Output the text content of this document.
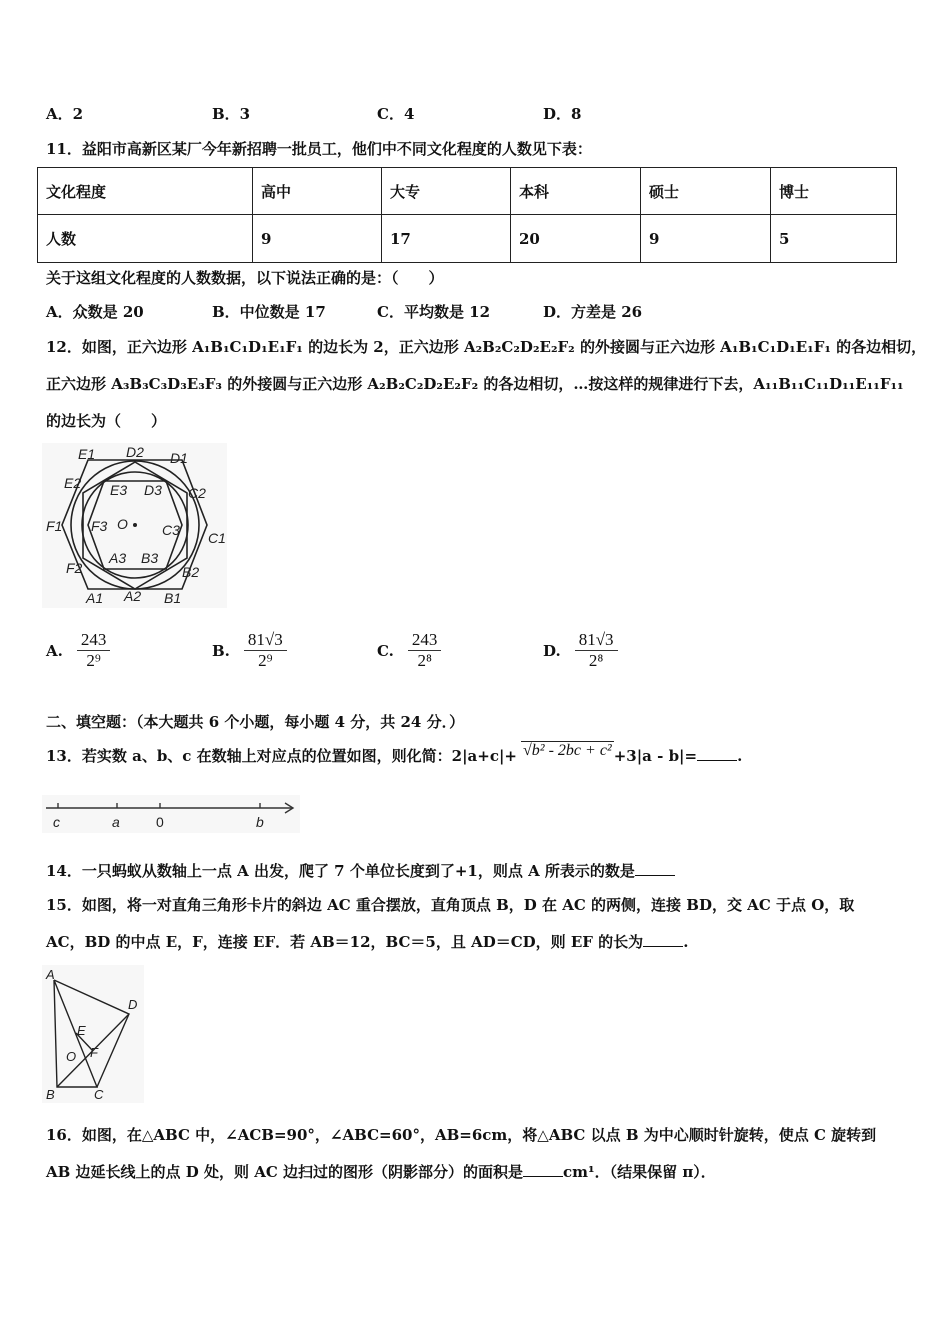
A．2	B．3	C．4	D．8
11．益阳市高新区某厂今年新招聘一批员工，他们中不同文化程度的人数见下表：
文化程度	高中	大专	本科	硕士	博士
人数	9	17	20	9	5
关于这组文化程度的人数数据，以下说法正确的是：（　　）
A．众数是 20	B．中位数是 17	C．平均数是 12	D．方差是 26
12．如图，正六边形 A₁B₁C₁D₁E₁F₁ 的边长为 2，正六边形 A₂B₂C₂D₂E₂F₂ 的外接圆与正六边形 A₁B₁C₁D₁E₁F₁ 的各边相切，
正六边形 A₃B₃C₃D₃E₃F₃ 的外接圆与正六边形 A₂B₂C₂D₂E₂F₂ 的各边相切，…按这样的规律进行下去，A₁₁B₁₁C₁₁D₁₁E₁₁F₁₁
的边长为（　　）
E1 D2 D1
E2 E3 D3 C2
F1 F3 O C3 C1
A3 B3
F2	B2
A1 A2 B1
A. $\frac{243}{\text{2⁹}}$	B. $\frac{81√3}{\text{2⁹}}$	C. $\frac{243}{\text{2⁸}}$	D. $\frac{81√3}{\text{2⁸}}$
二、填空题：（本大题共 6 个小题，每小题 4 分，共 24 分．）
13．若实数 a、b、c 在数轴上对应点的位置如图，则化简：2|a+c|+ √b² - 2bc + c² +3|a - b|=	.
c	a	0	b
14．一只蚂蚁从数轴上一点 A 出发，爬了 7 个单位长度到了+1，则点 A 所表示的数是
15．如图，将一对直角三角形卡片的斜边 AC 重合摆放，直角顶点 B，D 在 AC 的两侧，连接 BD，交 AC 于点 O，取
AC，BD 的中点 E，F，连接 EF．若 AB＝12，BC＝5，且 AD＝CD，则 EF 的长为	.
A
D
E
O F
B	C
16．如图，在△ABC 中，∠ACB=90°，∠ABC=60°，AB=6cm，将△ABC 以点 B 为中心顺时针旋转，使点 C 旋转到
AB 边延长线上的点 D 处，则 AC 边扫过的图形（阴影部分）的面积是	cm¹．（结果保留 π）．
